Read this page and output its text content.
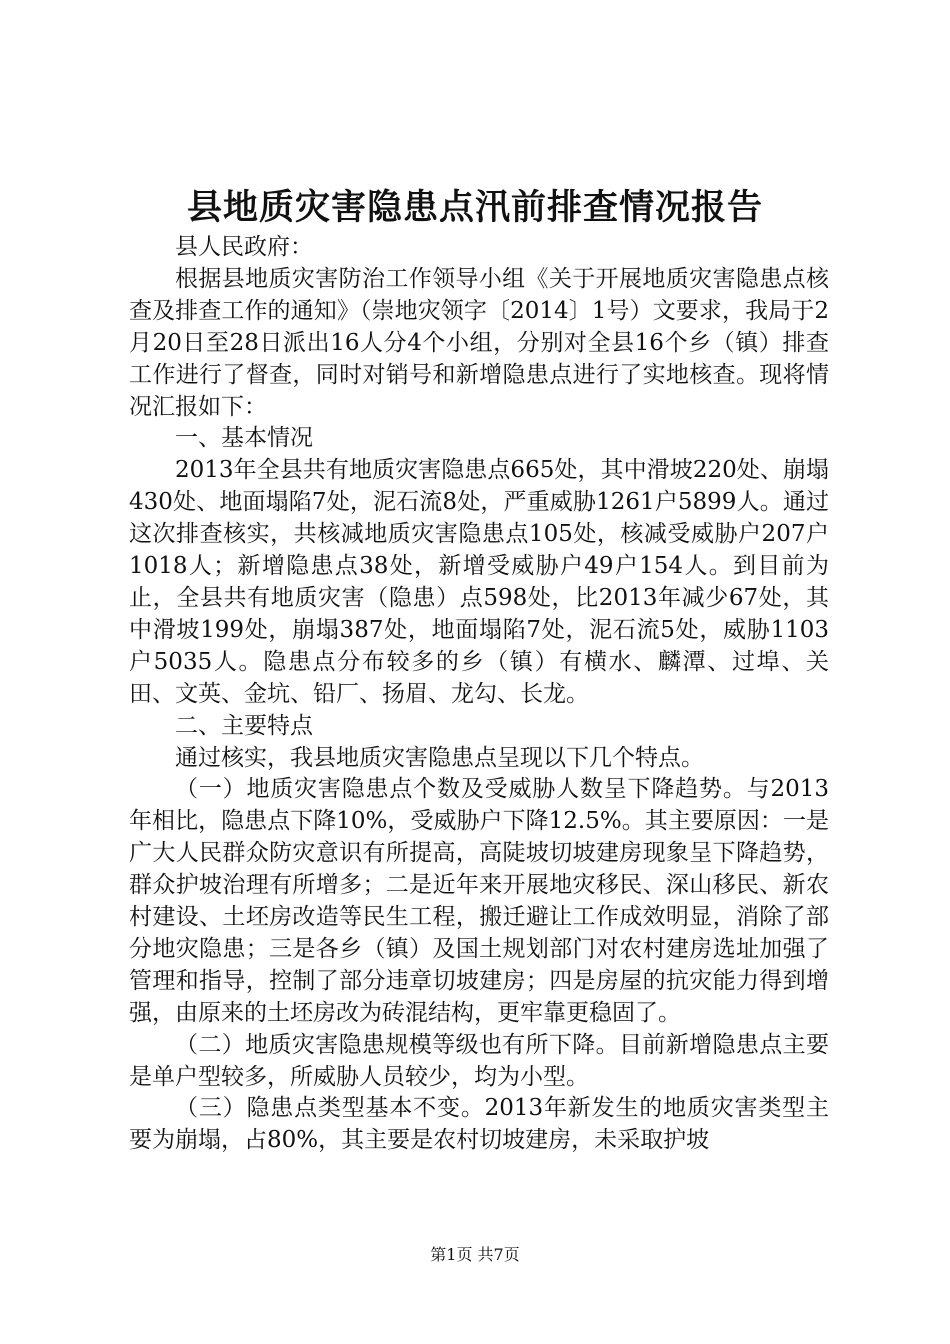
县地质灾害隐患点汛前排查情况报告

县人民政府：

根据县地质灾害防治工作领导小组《关于开展地质灾害隐患点核查及排查工作的通知》（崇地灾领字〔2014〕1号）文要求，我局于2月20日至28日派出16人分4个小组，分别对全县16个乡（镇）排查工作进行了督查，同时对销号和新增隐患点进行了实地核查。现将情况汇报如下：

一、基本情况

2013年全县共有地质灾害隐患点665处，其中滑坡220处、崩塌430处、地面塌陷7处，泥石流8处，严重威胁1261户5899人。通过这次排查核实，共核减地质灾害隐患点105处，核减受威胁户207户1018人；新增隐患点38处，新增受威胁户49户154人。到目前为止，全县共有地质灾害（隐患）点598处，比2013年减少67处，其中滑坡199处，崩塌387处，地面塌陷7处，泥石流5处，威胁1103户5035人。隐患点分布较多的乡（镇）有横水、麟潭、过埠、关田、文英、金坑、铅厂、扬眉、龙勾、长龙。

二、主要特点

通过核实，我县地质灾害隐患点呈现以下几个特点。

（一）地质灾害隐患点个数及受威胁人数呈下降趋势。与2013年相比，隐患点下降10%，受威胁户下降12.5%。其主要原因：一是广大人民群众防灾意识有所提高，高陡坡切坡建房现象呈下降趋势，群众护坡治理有所增多；二是近年来开展地灾移民、深山移民、新农村建设、土坯房改造等民生工程，搬迁避让工作成效明显，消除了部分地灾隐患；三是各乡（镇）及国土规划部门对农村建房选址加强了管理和指导，控制了部分违章切坡建房；四是房屋的抗灾能力得到增强，由原来的土坯房改为砖混结构，更牢靠更稳固了。

（二）地质灾害隐患规模等级也有所下降。目前新增隐患点主要是单户型较多，所威胁人员较少，均为小型。

（三）隐患点类型基本不变。2013年新发生的地质灾害类型主要为崩塌，占80%，其主要是农村切坡建房，未采取护坡

第1页 共7页
